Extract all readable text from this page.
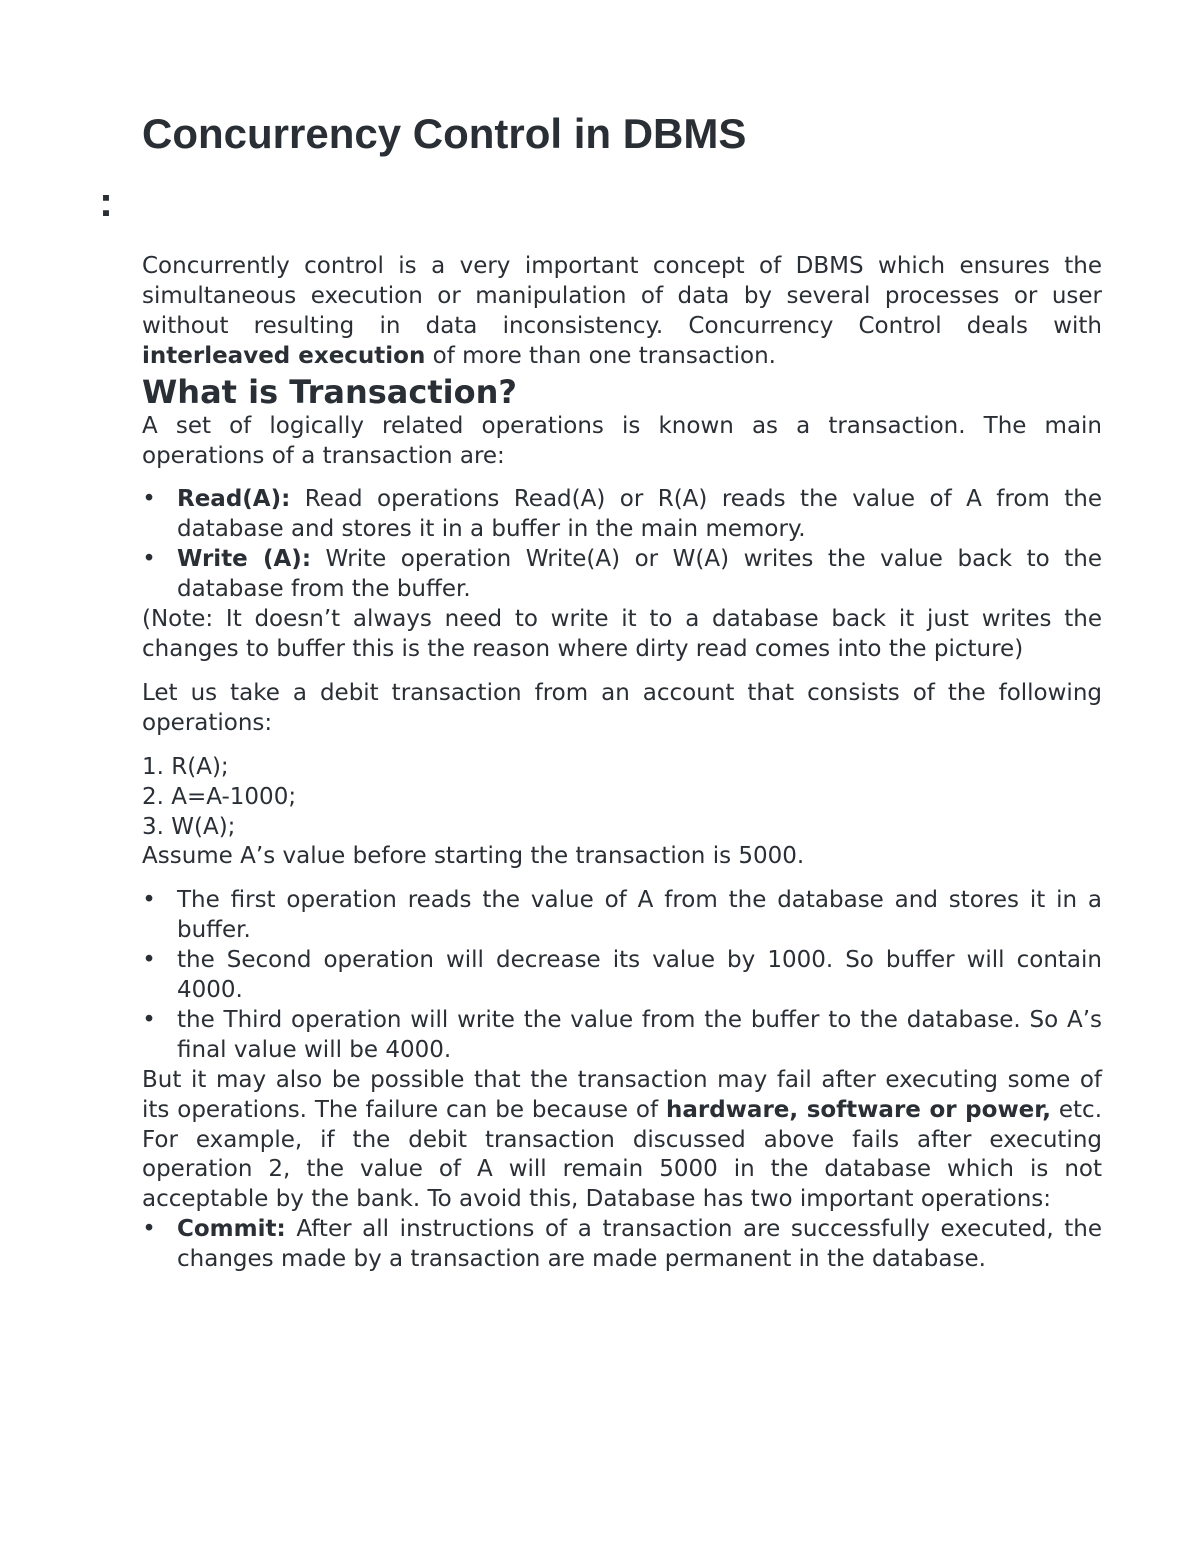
Concurrency Control in DBMS
:

Concurrently control is a very important concept of DBMS which ensures the simultaneous execution or manipulation of data by several processes or user without resulting in data inconsistency. Concurrency Control deals with interleaved execution of more than one transaction.

What is Transaction?

A set of logically related operations is known as a transaction. The main operations of a transaction are:

• Read(A): Read operations Read(A) or R(A) reads the value of A from the database and stores it in a buffer in the main memory.
• Write (A): Write operation Write(A) or W(A) writes the value back to the database from the buffer.

(Note: It doesn’t always need to write it to a database back it just writes the changes to buffer this is the reason where dirty read comes into the picture)

Let us take a debit transaction from an account that consists of the following operations:

1. R(A);

2. A=A-1000;

3. W(A);

Assume A’s value before starting the transaction is 5000.

• The first operation reads the value of A from the database and stores it in a buffer.
• the Second operation will decrease its value by 1000. So buffer will contain 4000.
• the Third operation will write the value from the buffer to the database. So A’s final value will be 4000.

But it may also be possible that the transaction may fail after executing some of its operations. The failure can be because of hardware, software or power, etc. For example, if the debit transaction discussed above fails after executing operation 2, the value of A will remain 5000 in the database which is not acceptable by the bank. To avoid this, Database has two important operations:

• Commit: After all instructions of a transaction are successfully executed, the changes made by a transaction are made permanent in the database.
